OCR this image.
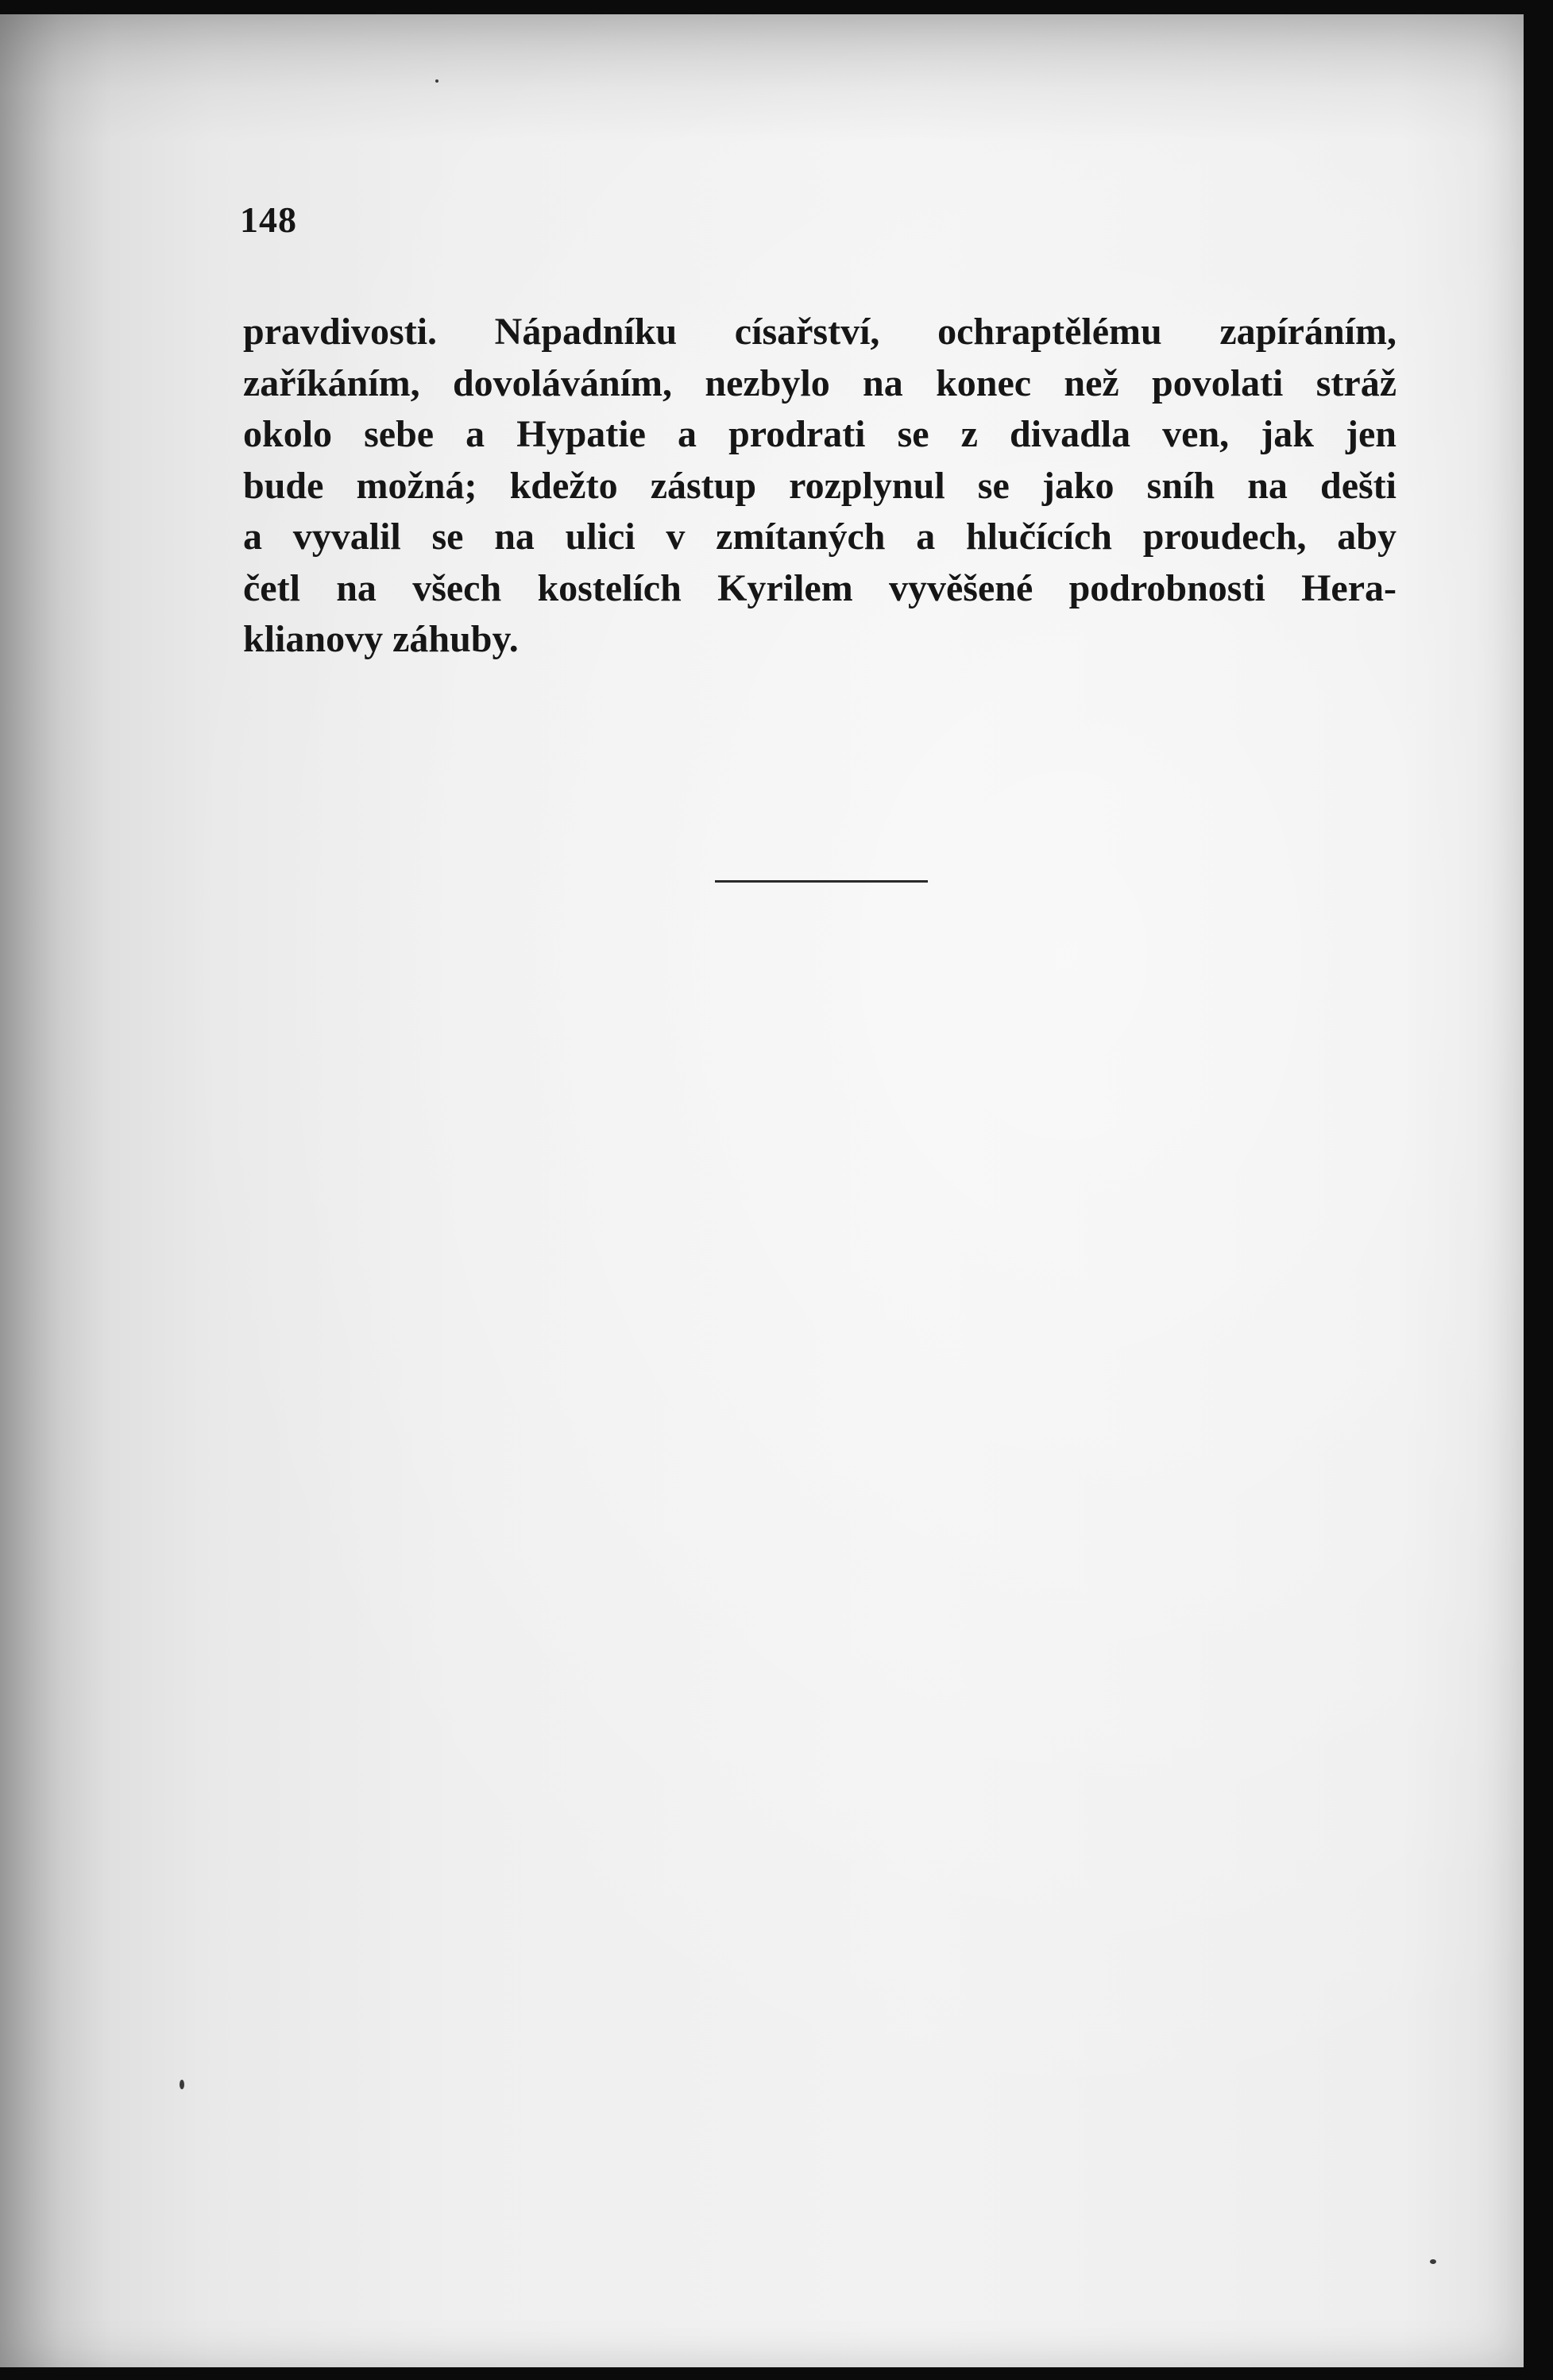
148
pravdivosti. Nápadníku císařství, ochraptělému zapíráním,
zaříkáním, dovoláváním, nezbylo na konec než povolati stráž
okolo sebe a Hypatie a prodrati se z divadla ven, jak jen
bude možná; kdežto zástup rozplynul se jako sníh na dešti
a vyvalil se na ulici v zmítaných a hlučících proudech, aby
četl na všech kostelích Kyrilem vyvěšené podrobnosti Hera-
klianovy záhuby.
